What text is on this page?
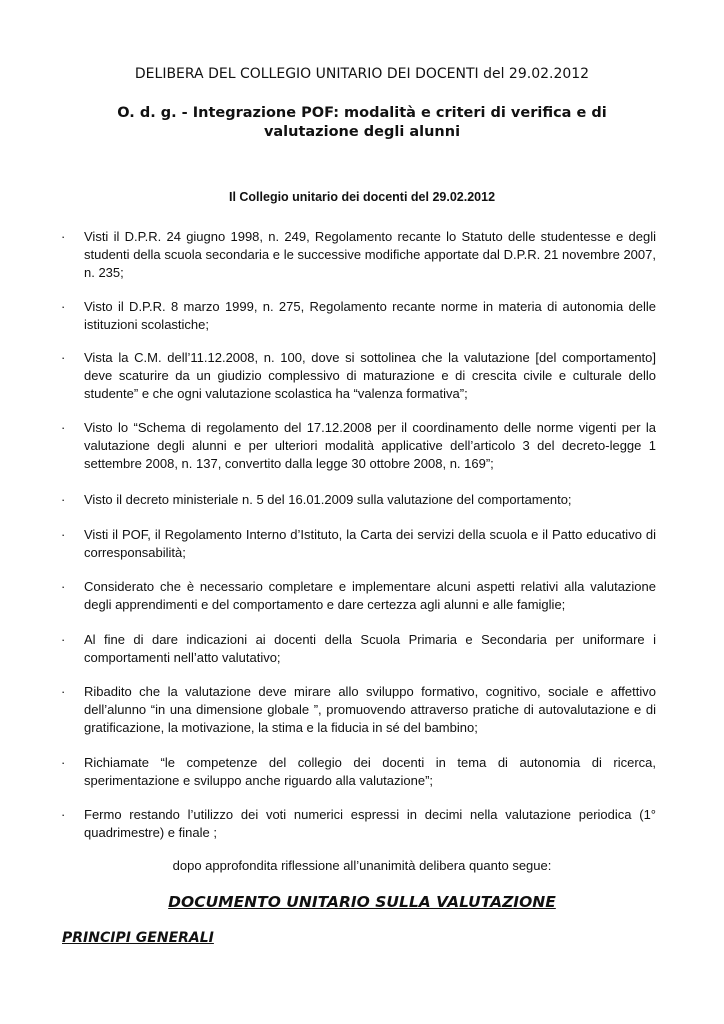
DELIBERA DEL COLLEGIO UNITARIO DEI DOCENTI del 29.02.2012
O. d. g. - Integrazione POF: modalità e criteri di verifica e di valutazione degli alunni
Il Collegio unitario dei docenti del 29.02.2012
· Visti il D.P.R. 24 giugno 1998, n. 249, Regolamento recante lo Statuto delle studentesse e degli studenti della scuola secondaria e le successive modifiche apportate dal D.P.R. 21 novembre 2007, n. 235;
· Visto il D.P.R. 8 marzo 1999, n. 275, Regolamento recante norme in materia di autonomia delle istituzioni scolastiche;
· Vista la C.M. dell’11.12.2008, n. 100, dove si sottolinea che la valutazione [del comportamento] deve scaturire da un giudizio complessivo di maturazione e di crescita civile e culturale dello studente” e che ogni valutazione scolastica ha “valenza formativa”;
· Visto lo “Schema di regolamento del 17.12.2008 per il coordinamento delle norme vigenti per la valutazione degli alunni e per ulteriori modalità applicative dell’articolo 3 del decreto-legge 1 settembre 2008, n. 137, convertito dalla legge 30 ottobre 2008, n. 169”;
· Visto il decreto ministeriale n. 5 del 16.01.2009 sulla valutazione del comportamento;
· Visti il POF, il Regolamento Interno d’Istituto, la Carta dei servizi della scuola e il Patto educativo di corresponsabilità;
· Considerato che è necessario completare e implementare alcuni aspetti relativi alla valutazione degli apprendimenti e del comportamento e dare certezza agli alunni e alle famiglie;
· Al fine di dare indicazioni ai docenti della Scuola Primaria e Secondaria per uniformare i comportamenti nell’atto valutativo;
· Ribadito che la valutazione deve mirare allo sviluppo formativo, cognitivo, sociale e affettivo dell’alunno “in una dimensione globale ”, promuovendo attraverso pratiche di autovalutazione e di gratificazione, la motivazione, la stima e la fiducia in sé del bambino;
· Richiamate “le competenze del collegio dei docenti in tema di autonomia di ricerca, sperimentazione e sviluppo anche riguardo alla valutazione”;
· Fermo restando l’utilizzo dei voti numerici espressi in decimi nella valutazione periodica (1° quadrimestre) e finale ;
dopo approfondita riflessione all’unanimità delibera quanto segue:
DOCUMENTO UNITARIO SULLA VALUTAZIONE
PRINCIPI GENERALI
